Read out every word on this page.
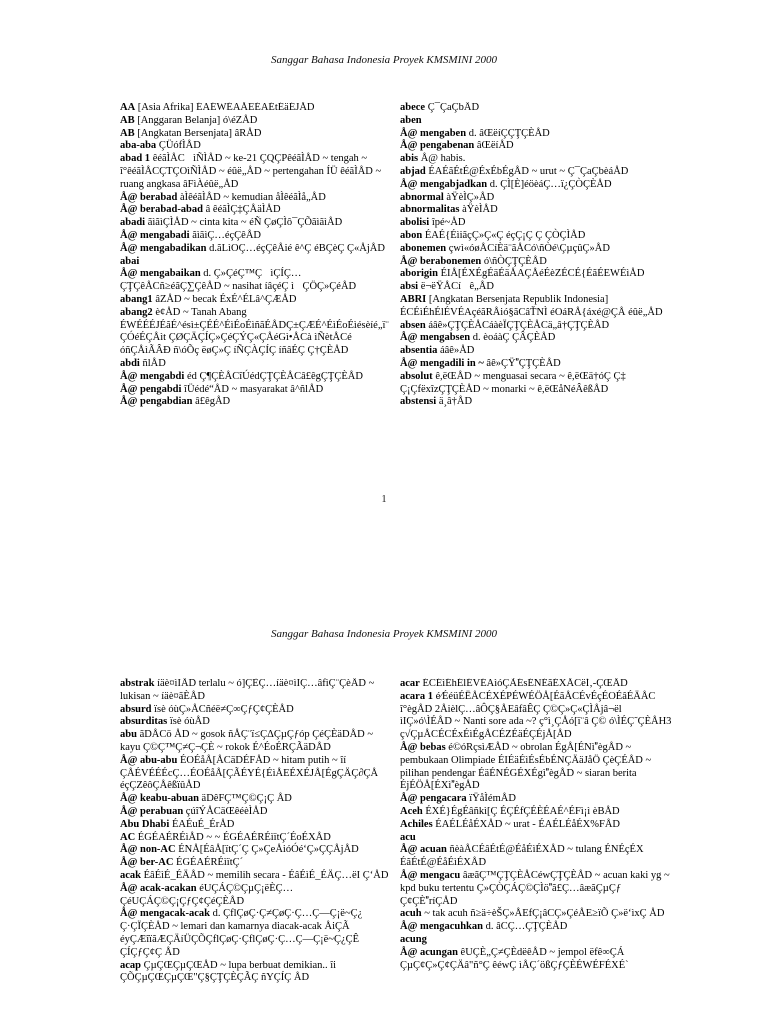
Sanggar Bahasa Indonesia Proyek KMSMINI 2000
AA [Asia Afrika] ÉAÉWÉAÅEÉAÉtÉäÉJÅD
AB [Anggaran Belanja] ó\éZÅD
AB [Angkatan Bersenjata] âRÅD
aba-aba ÇÜófÌÅD
abad 1 êéãÌÅCìÑÌÅD ~ ke-21 ÇQÇPêéãÌÅD ~ tengah ~ î°êéãÌÅCÇTÇOìÑÌÅD ~ éûë„ÅD ~ pertengahan ÍÜ êéãÌÅD ~ ruang angkasa âFìÀéûë„ÅD
Å@ berabad àÌêéãÌÅD ~ kemudian åÌêéãÌå„ÅD
Å@ berabad-abad â êéãÌÇ‡ÇÅäÌÅD
abadi ãìãìÇÌÅD ~ cinta kita ~ éÑ ÇøÇÌô¯ÇÕãìãìÅD
Å@ mengabadi ãìãìÇ…éçÇêÅD
Å@ mengabadikan d.ãLìOÇ…éçÇêÅié ê^Ç éBÇèÇ Ç«ÅjÅD
abai
Å@ mengabaikan d. Ç»ÇéÇ™ÇìÇÍÇ…ÇŢÇêÅCñ≥éãÇ∑ÇêÅD ~ nasihat íâçéÇ ìÇÖÇ»ÇéÅD
abang1 âZÅD ~ becak ÉxÉ^ÉLâ^ÇÆÅD
abang2 è¢ÅD ~ Tanah Abang ÉWÉÉÉJÉãÉ^ésì±ÇÉÉ^ÉìÉoÉìñãÉÅDÇ±ÇÆÉ^ÉìÉoÉìésèíé„ï¨ÇÓéÉÇÅìt ÇØÇÄÇÍÇ»ÇéÇÝÇ«ÇÅéGì•ÅCà ìÑètÅCé óñÇÅìÃÂÐ ñ\óÕç ëøÇ»Ç íÑÇÀÇÍÇ íñâÉÇ Ç†ÇÈÅD
abdi ñlÅD
Å@ mengabdi éd Ç¶ÇÈÅCîÚédÇŢÇÈÅCâ£êgÇŢÇÈÅD
Å@ pengabdi îÜédé“ÅD ~ masyarakat â^ñlÅD
Å@ pengabdian â£êgÅD
abece Ç¯ÇaÇbÅD
aben
Å@ mengaben d. âŒëíÇÇŢÇÈÅD
Å@ pengabenan âŒëíÅD
abis Å@ habis.
abjad ÉAÉãÉtÉ@ÉxÉbÉgÅD ~ urut ~ Ç¯ÇaÇbèáÅD
Å@ mengabjadkan d. ÇÌ[È]éöèáÇ…ï¿ÇÒÇÈÅD
abnormal àŸèÌÇ»ÅD
abnormalitas àŸèÌÅD
abolisi îpé~ÅD
abon ÉAÉ{ÉìiãçÇ»Ç«Ç éçÇ¡Ç Ç ÇÒÇÌÅD
abonemen çwì«óøÅCíÈä¨ãÅCó\ñÒé\ÇµçûÇ»ÅD
Å@ berabonemen ó\ñÒÇŢÇÈÅD
aborigin ÉIÅ[ÉXÉgÉäÉäÅAÇÅéÉèZÉCÉ{ÉãÉEWÉìÅD
absi ë¬ëŸÅCíê„ÅD
ABRI [Angkatan Bersenjata Republik Indonesia] ÉCÉìÉhÉlÉVÉAçéãRÅió§ãCâŤNÌ éOáRÅ{áxé@ÇÅ éûë„ÅD
absen áâê»ÇŢÇÈÅCáàèÏÇŢÇÈÅCä„â†ÇŢÇÈÅD
Å@ mengabsen d. èoáàÇ ÇÂÇÈÅD
absentia áâê»ÅD
Å@ mengadili in ~ âê»ÇŸÇŢÇÈÅD
absolut ê,ëŒÅD ~ menguasai secara ~ ê,ëŒä†óÇ Ç‡ Ç¡ÇfëxîzÇŢÇÈÅD ~ monarki ~ ê,ëŒåNéÂêßÅD
abstensi ä¸â†ÅD
1
Sanggar Bahasa Indonesia Proyek KMSMINI 2000
abstrak íäè¤ìIÅD terlalu ~ ó]ÇÈÇ…íäè¤ìIÇ…âfìÇ¨ÇèÅD ~ lukisan ~ íäè¤ãÈÅD
absurd ïsè óùÇ»ÅCñéë≠Ç∞ÇƒÇ¢ÇÈÅD
absurditas ïsè óùÅD
abu ãDÅCö ÅD ~ gosok ñÅÇ¨ï≤ÇΔÇµÇƒóp ÇéÇÈäDÅD ~ kayu Ç©Ç™Ç≠Ç¬ÇÈ ~ rokok É^ÉoÉRÇÃäDÅD
Å@ abu-abu ÉOÉåÅ[ÅCäDÉFÅD ~ hitam putih ~ îí ÇÅÉVÉÉÉcÇ…ÉOÉåÅ[ÇÃÉYÉ{ÉìÅEÉXÉJÅ[ÉgÇÄÇ∂ÇÅ éçÇZêôÇÅêßïûÅD
Å@ keabu-abuan äDêFÇ™Ç©Ç¡Ç ÅD
Å@ perabuan çúîÝÅCäŒêéèÌÅD
Abu Dhabi ÉAÉuÉ_ÉrÅD
AC ÉGÉAÉRÉìÅD ~ ~ ÉGÉAÉRÉìïtÇ´ÉoÉXÅD
Å@ non-AC ÉNÅ[ÉâÅ[ïtÇ´Ç Ç»ÇeÅióÓé‘Ç»ÇÇÅjÅD
Å@ ber-AC ÉGÉAÉRÉìïtÇ´
acak ÉâÉìÉ_ÉÄÅD ~ memilih secara - ÉâÉìÉ_ÉÄÇ…ëI Ç‘ÅD
Å@ acak-acakan éUÇÁÇ©ÇµÇ¡ëÈÇ…ÇéUÇÁÇ©Ç¡ÇƒÇ¢ÇéÇÈÅD
Å@ mengacak-acak d. ÇflÇøÇ·Ç≠ÇøÇ·Ç…Ç—Ç¡ë~Ç¿ Ç·ÇÏÇÈÅD ~ lemari dan kamarnya diacak-acak ÅiÇÃ éyÇÆîïãÆÇÄíÜÇÕÇflÇøÇ·ÇflÇøÇ·Ç…Ç—Ç¡ë~Ç¿ÇÊ ÇÍÇƒÇ¢Ç ÅD
acap ÇµÇŒÇµÇŒÅD ~ lupa berbuat demikian.. îi ÇÕÇµÇŒÇµÇŒ"Ç§ÇŢÇÈÇÃÇ ñYÇÍÇ ÅD
acar ÉCÉìÉhÉlÉVÉAìóÇÃÉsÉNÉãÉXÅCëÍ‚-ÇŒÅD
acara 1 é⁄ÉéüÉËÅCÉXÉPÉWÉÖÅ[ÉãÅCÉvÉçÉOÉâÉÄÅC î°ègÅD 2ÅièlÇ…âÔÇ§ÅEâfâÊÇ Ç©Ç»Ç«ÇÌÅjâ¬ël ìIÇ»ó\ÌÉÅD ~ Nanti sore ada ~? ç°ì¸ÇÅó[ï¨â Ç© ó\ÌÉÇ˜ÇÈÅH3 ç√ÇµÅCÉCÉxÉìÉgÅCÉZÉäÉÇÉjÅ[ÅD
Å@ bebas é©óRçsìÆÅD ~ obrolan ÉgÅ[ÉNìègÅD ~ pembukaan Olimpiade ÉIÉäÉìÉsÉbÉNÇÄäJåÖ ÇèÇÉÅD ~ pilihan pendengar ÉäÉNÉGÉXÉgìègÅD ~ siaran berita ÉjÉÖÅ[ÉXìègÅD
Å@ pengacara ïŸåÌémÅD
Aceh ÉXÉ}ÉgÉâñkì[Ç ÉÇÉfÇÉÈÉAÉ^ÉFì¡ì èBÅD
Achiles ÉAÉLÉåÉXÅD ~ urat - ÉAÉLÉåÉX%FÅD
acu
Å@ acuan ñèàÅCÉâÉtÉ@ÉåÉìÉXÅD ~ tulang ÉNÉçÉX ÉãÉtÉ@ÉåÉìÉXÅD
Å@ mengacu âæãÇ™ÇŢÇÈÅCéwÇŢÇÈÅD ~ acuan kaki yg ~ kpd buku tertentu Ç»ÇÒÇÁÇ©ÇÌöã£Ç…âæãÇµÇƒ Ç¢ÇÈríÇÅD
acuh ~ tak acuh ñ≥ä÷èŠÇ»ÅEfÇ¡âCÇ»ÇéÅE≥ïÕ Ç»ë‘ìxÇ ÅD
Å@ mengacuhkan d. âCÇ…ÇŢÇÈÅD
acung
Å@ acungan êUÇÈ„Ç≠ÇÈdëêÅD ~ jempol ëfê∞ÇÁ ÇµÇ¢Ç»Ç¢ÇÄâ"ñ°Ç êéwÇ ìÅÇ´ößÇƒÇÈÉWÉFÉXÉ`
